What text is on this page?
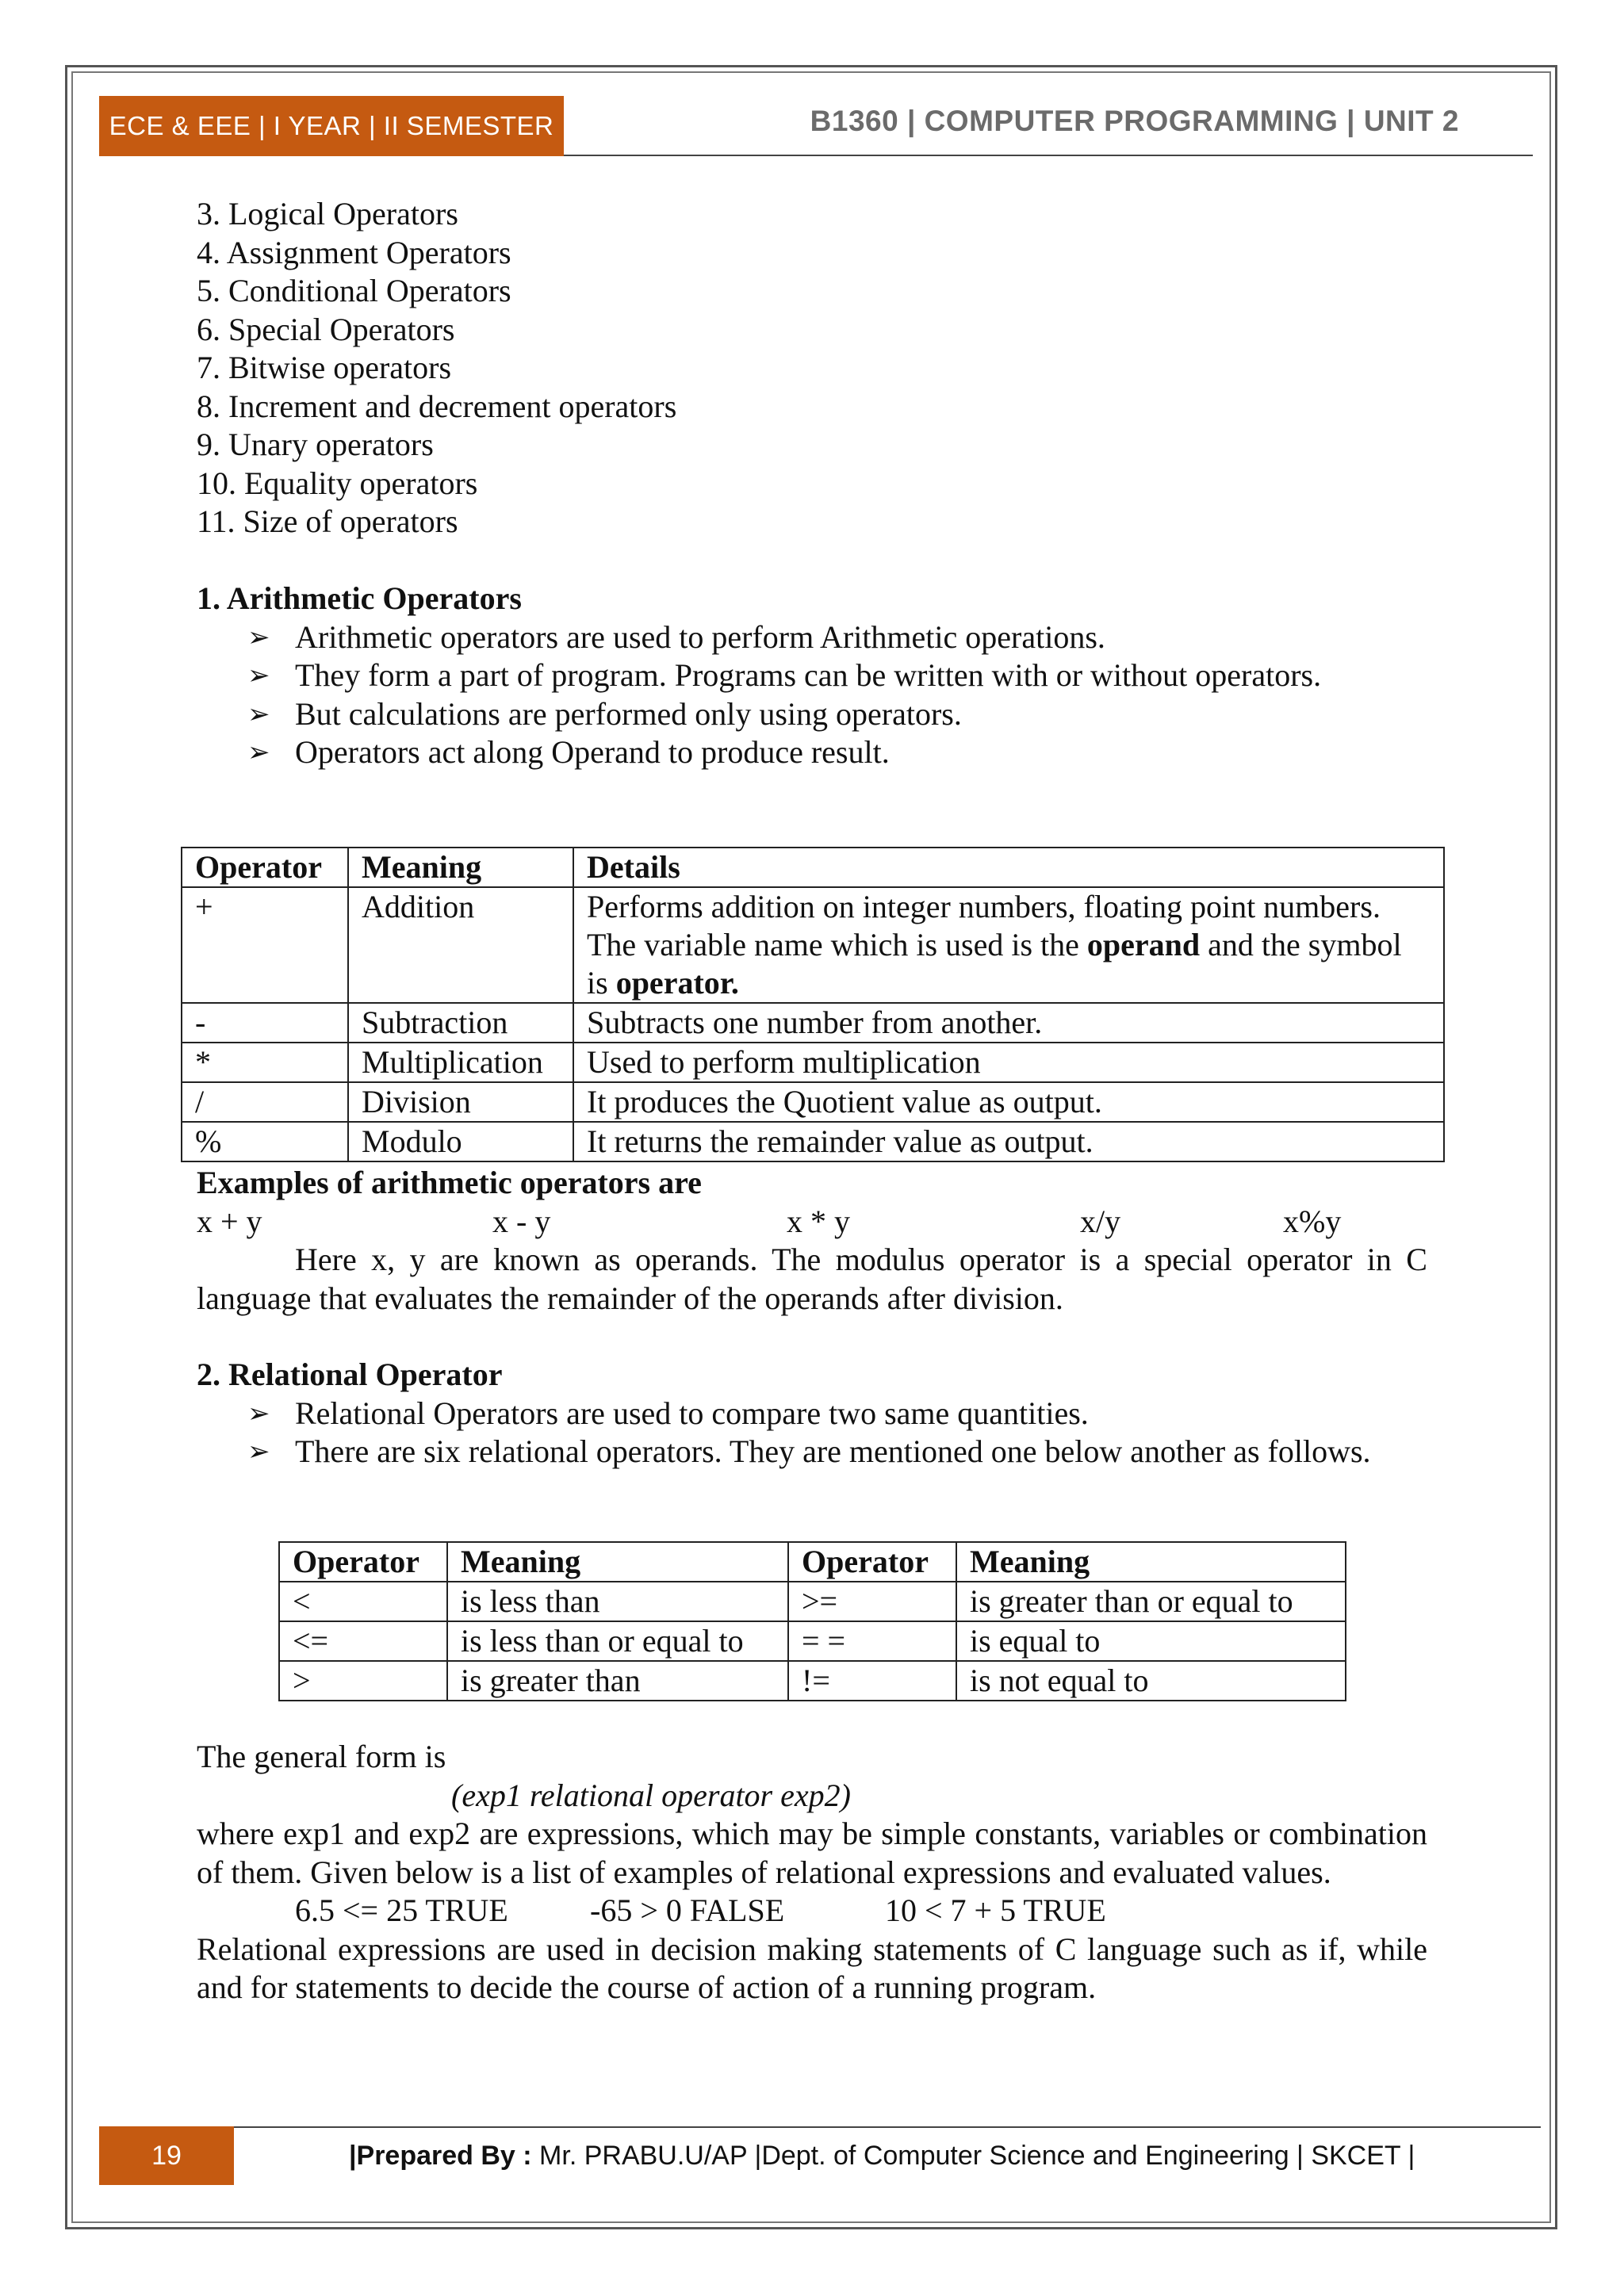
ECE & EEE | I YEAR | II SEMESTER	B1360 | COMPUTER PROGRAMMING | UNIT 2
3. Logical Operators
4. Assignment Operators
5. Conditional Operators
6. Special Operators
7. Bitwise operators
8. Increment and decrement operators
9. Unary operators
10. Equality operators
11. Size of operators
1. Arithmetic Operators
➢ Arithmetic operators are used to perform Arithmetic operations.
➢ They form a part of program. Programs can be written with or without operators.
➢ But calculations are performed only using operators.
➢ Operators act along Operand to produce result.
Operator	Meaning	Details
+	Addition	Performs addition on integer numbers, floating point numbers. The variable name which is used is the operand and the symbol is operator.
-	Subtraction	Subtracts one number from another.
*	Multiplication	Used to perform multiplication
/	Division	It produces the Quotient value as output.
%	Modulo	It returns the remainder value as output.
Examples of arithmetic operators are
x + y	x - y	x * y	x/y	x%y
Here x, y are known as operands. The modulus operator is a special operator in C language that evaluates the remainder of the operands after division.
2. Relational Operator
➢ Relational Operators are used to compare two same quantities.
➢ There are six relational operators. They are mentioned one below another as follows.
Operator	Meaning	Operator	Meaning
<	is less than	>=	is greater than or equal to
<=	is less than or equal to	= =	is equal to
>	is greater than	!=	is not equal to
The general form is
(exp1 relational operator exp2)
where exp1 and exp2 are expressions, which may be simple constants, variables or combination of them. Given below is a list of examples of relational expressions and evaluated values.
6.5 <= 25 TRUE	-65 > 0 FALSE	10 < 7 + 5 TRUE
Relational expressions are used in decision making statements of C language such as if, while and for statements to decide the course of action of a running program.
19	|Prepared By : Mr. PRABU.U/AP |Dept. of Computer Science and Engineering | SKCET |
